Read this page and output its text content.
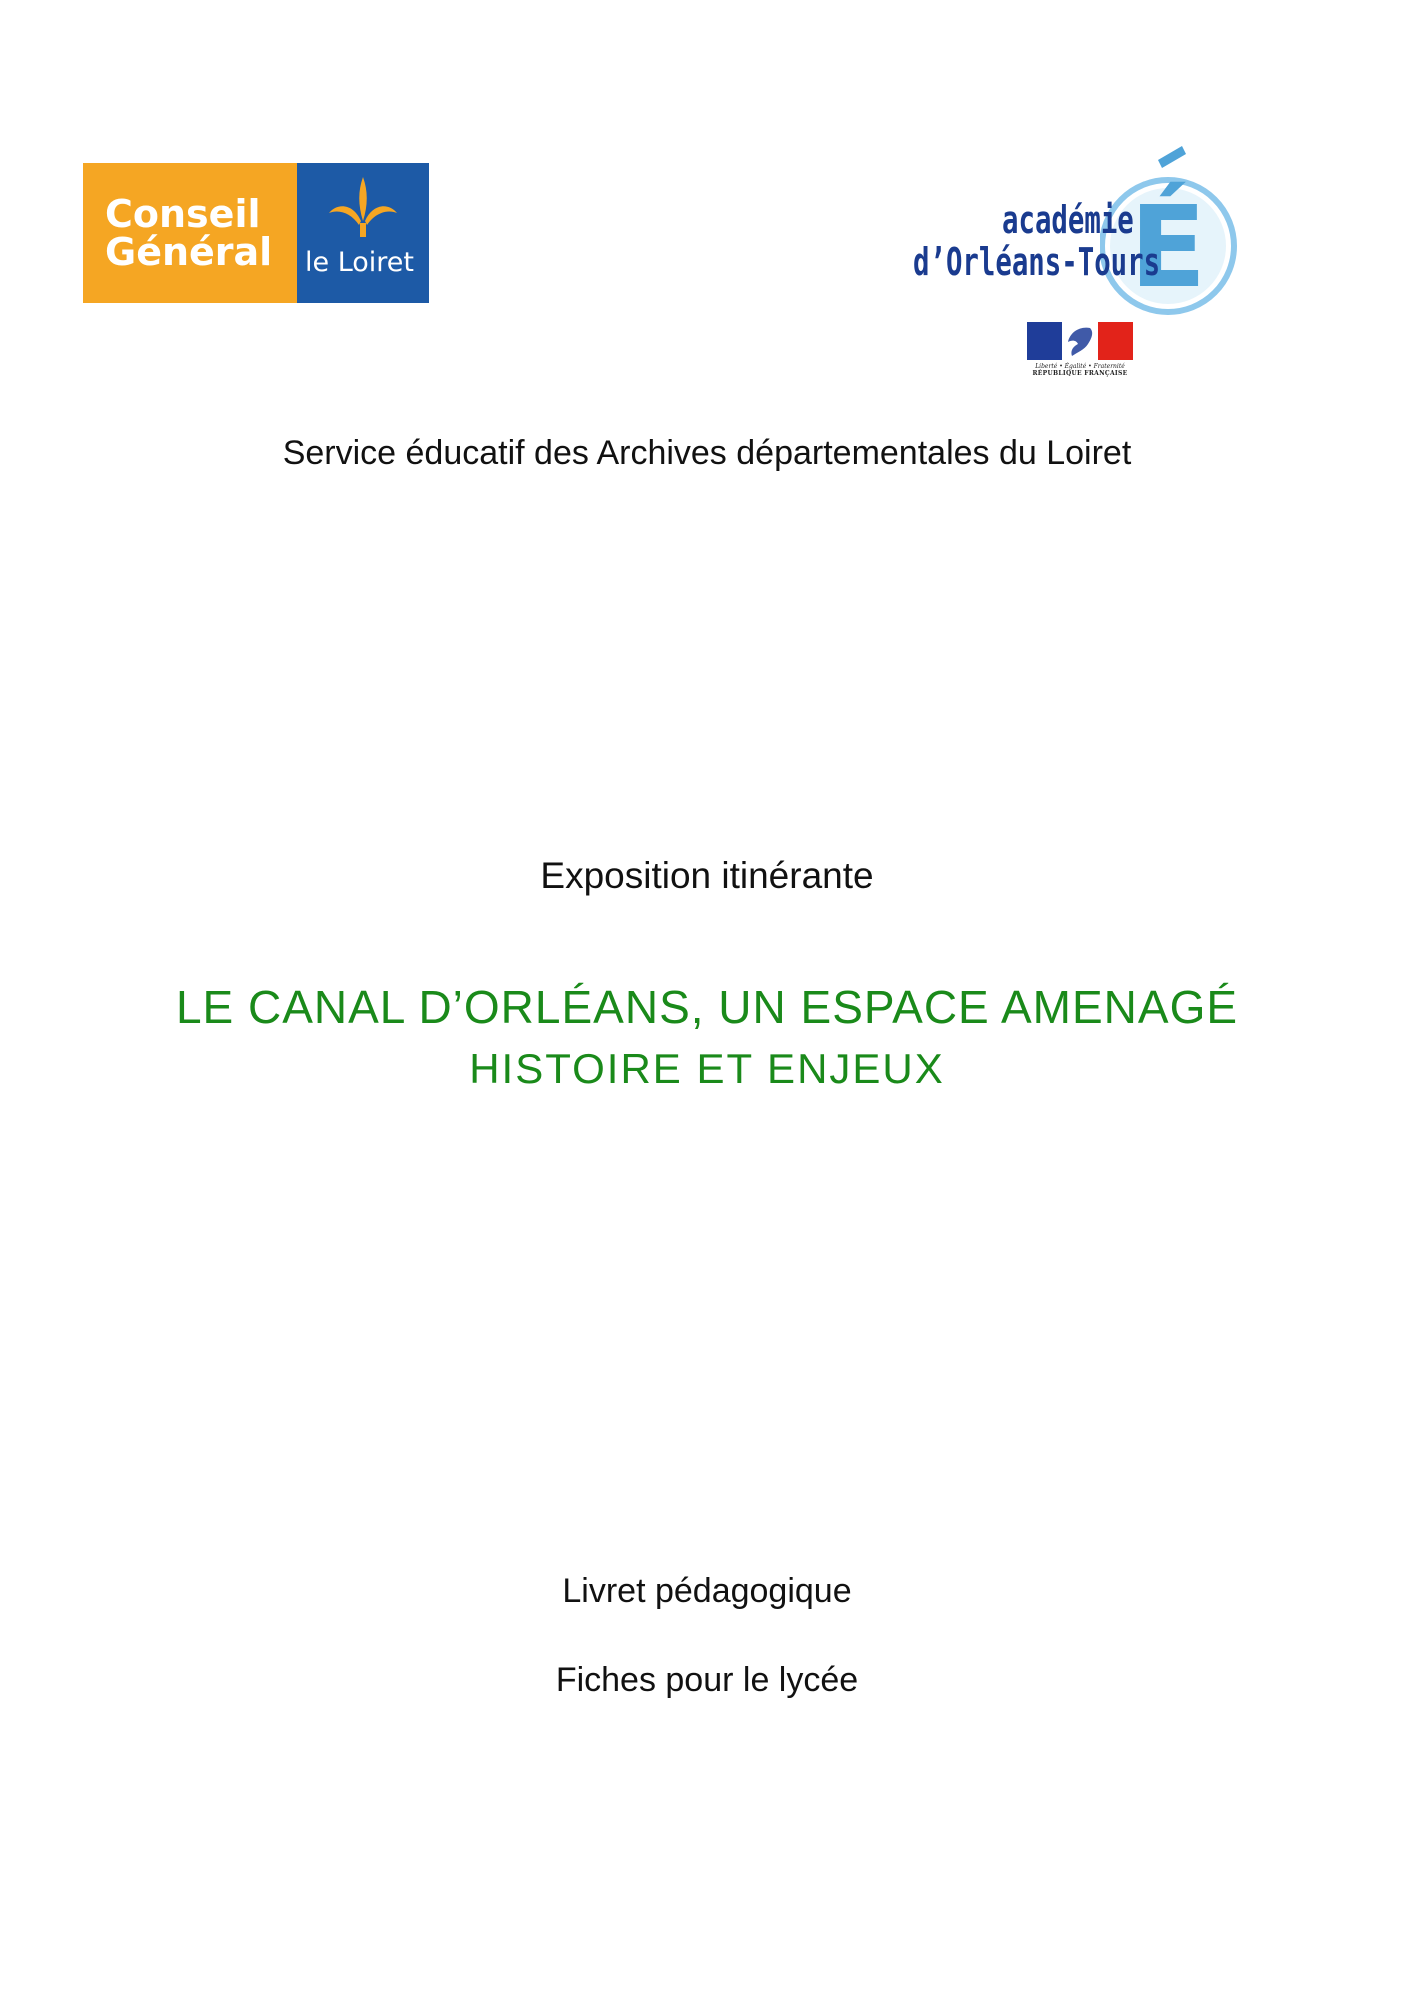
Conseil
Général	le Loiret	É
académie
d’Orléans-Tours
Liberté • Égalité • Fraternité
RÉPUBLIQUE FRANÇAISE
Service éducatif des Archives départementales du Loiret
Exposition itinérante
LE CANAL D’ORLÉANS, UN ESPACE AMENAGÉ
HISTOIRE ET ENJEUX
Livret pédagogique
Fiches pour le lycée
